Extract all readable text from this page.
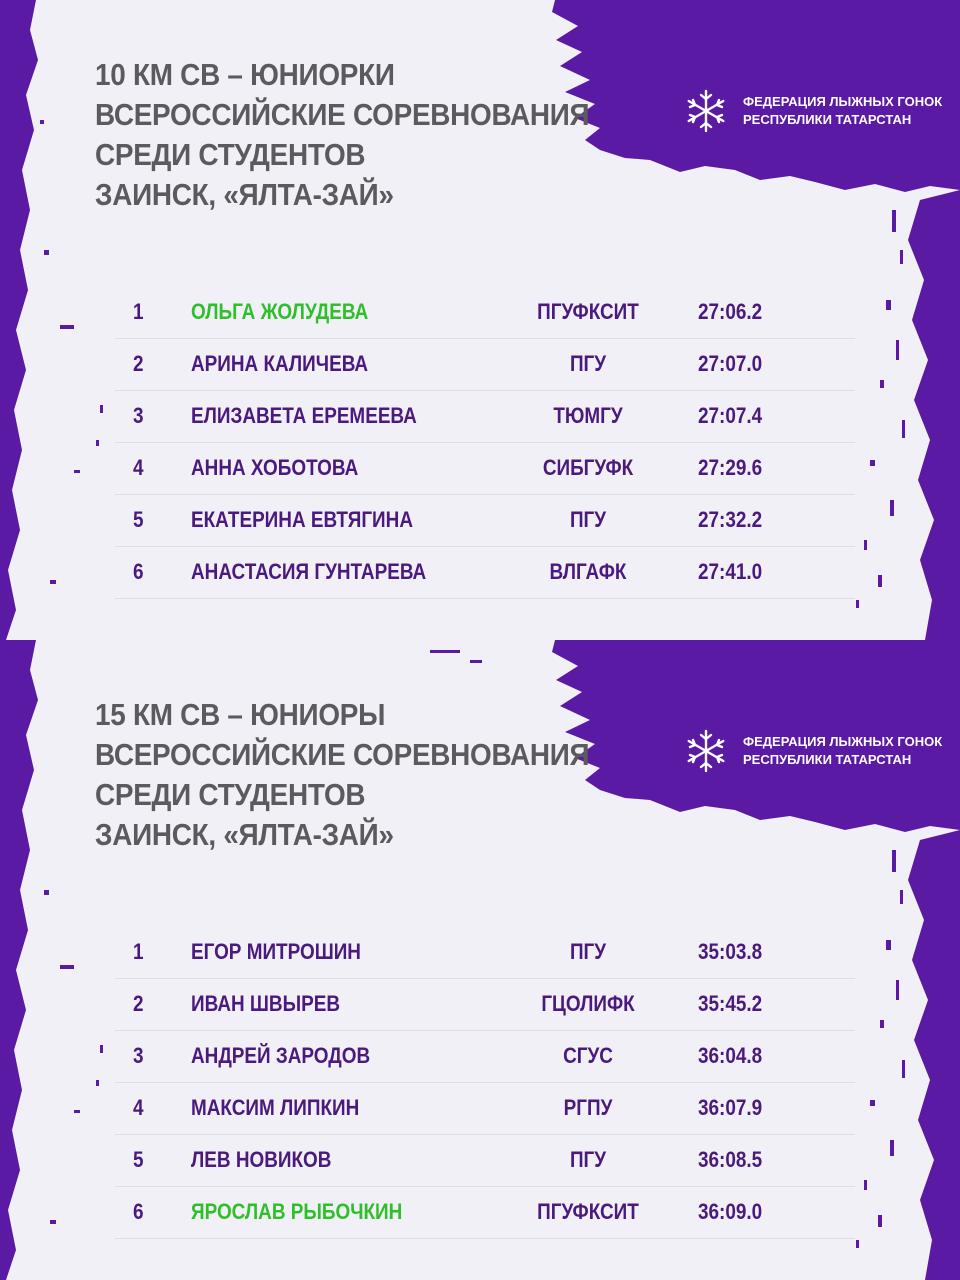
10 КМ СВ – ЮНИОРКИ
ВСЕРОССИЙСКИЕ СОРЕВНОВАНИЯ
СРЕДИ СТУДЕНТОВ
ЗАИНСК, «ЯЛТА-ЗАЙ»
ФЕДЕРАЦИЯ ЛЫЖНЫХ ГОНОК
РЕСПУБЛИКИ ТАТАРСТАН
1 ОЛЬГА ЖОЛУДЕВА	ПГУФКСИТ	27:06.2
2 АРИНА КАЛИЧЕВА	ПГУ	27:07.0
3 ЕЛИЗАВЕТА ЕРЕМЕЕВА	ТЮМГУ	27:07.4
4 АННА ХОБОТОВА	СИБГУФК	27:29.6
5 ЕКАТЕРИНА ЕВТЯГИНА	ПГУ	27:32.2
6 АНАСТАСИЯ ГУНТАРЕВА	ВЛГАФК	27:41.0
15 КМ СВ – ЮНИОРЫ
ВСЕРОССИЙСКИЕ СОРЕВНОВАНИЯ
СРЕДИ СТУДЕНТОВ
ЗАИНСК, «ЯЛТА-ЗАЙ»
ФЕДЕРАЦИЯ ЛЫЖНЫХ ГОНОК
РЕСПУБЛИКИ ТАТАРСТАН
1 ЕГОР МИТРОШИН	ПГУ	35:03.8
2 ИВАН ШВЫРЕВ	ГЦОЛИФК	35:45.2
3 АНДРЕЙ ЗАРОДОВ	СГУС	36:04.8
4 МАКСИМ ЛИПКИН	РГПУ	36:07.9
5 ЛЕВ НОВИКОВ	ПГУ	36:08.5
6 ЯРОСЛАВ РЫБОЧКИН	ПГУФКСИТ	36:09.0
